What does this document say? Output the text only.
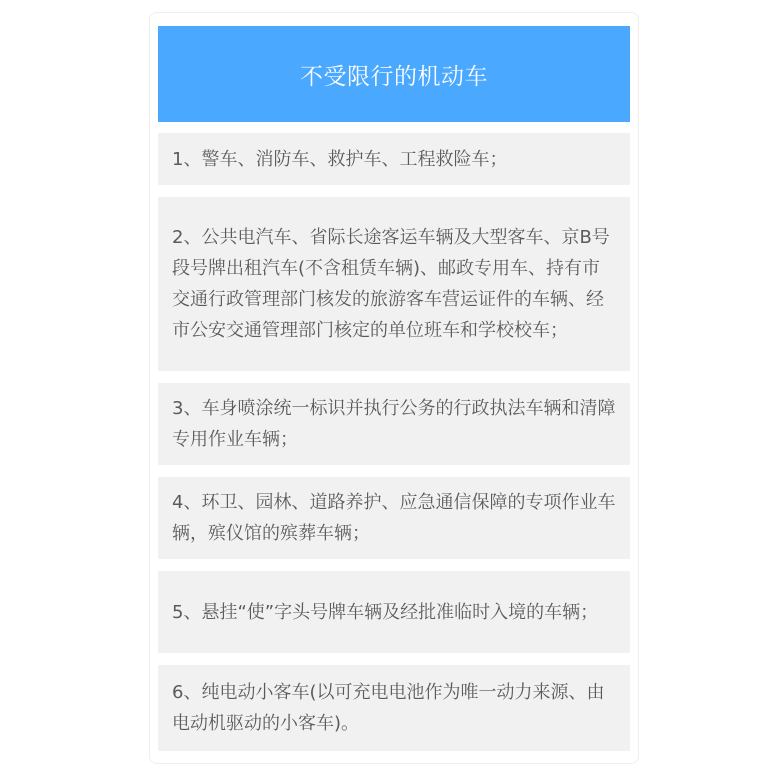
不受限行的机动车
1、警车、消防车、救护车、工程救险车；
2、公共电汽车、省际长途客运车辆及大型客车、京B号段号牌出租汽车(不含租赁车辆)、邮政专用车、持有市交通行政管理部门核发的旅游客车营运证件的车辆、经市公安交通管理部门核定的单位班车和学校校车；
3、车身喷涂统一标识并执行公务的行政执法车辆和清障专用作业车辆；
4、环卫、园林、道路养护、应急通信保障的专项作业车辆，殡仪馆的殡葬车辆；
5、悬挂“使”字头号牌车辆及经批准临时入境的车辆；
6、纯电动小客车(以可充电电池作为唯一动力来源、由电动机驱动的小客车)。
